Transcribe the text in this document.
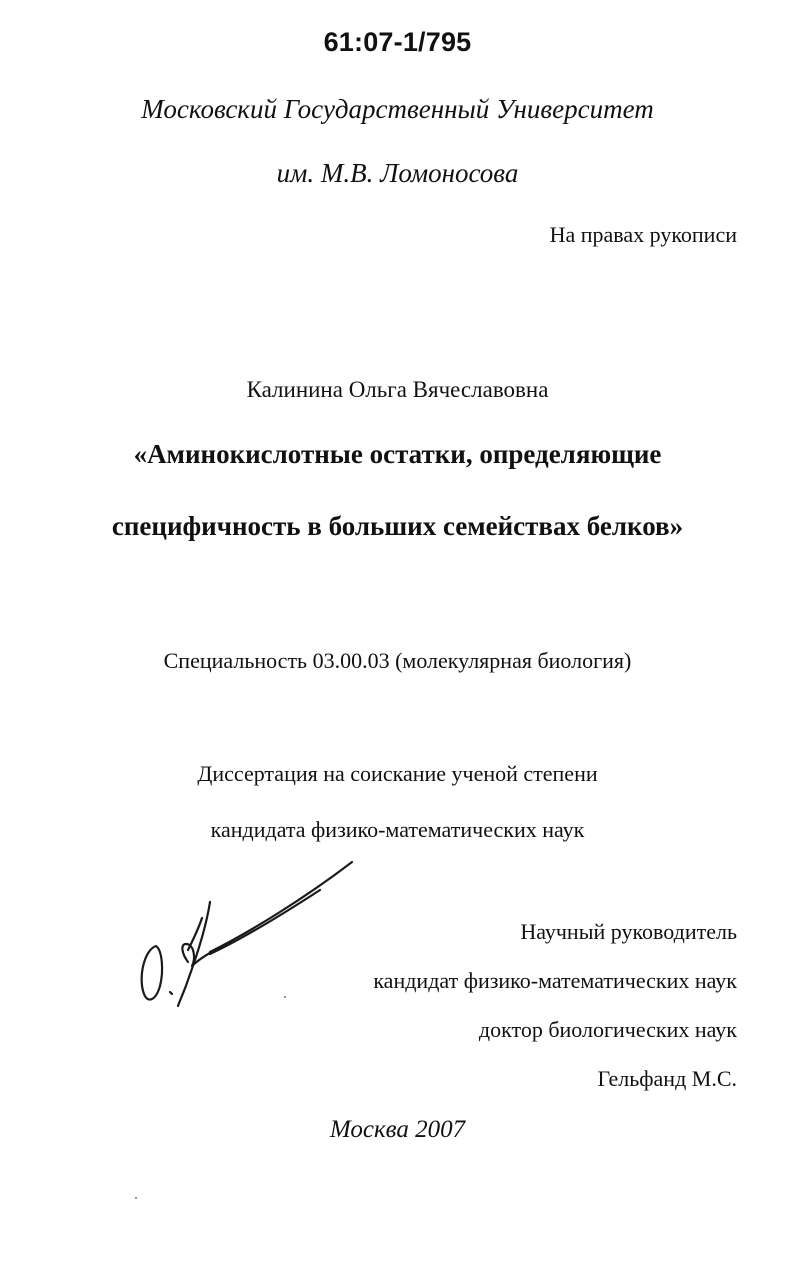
61:07-1/795
Московский Государственный Университет
им. М.В. Ломоносова
На правах рукописи
Калинина Ольга Вячеславовна
«Аминокислотные остатки, определяющие
специфичность в больших семействах белков»
Специальность 03.00.03 (молекулярная биология)
Диссертация на соискание ученой степени
кандидата физико-математических наук
Научный руководитель
кандидат физико-математических наук
доктор биологических наук
Гельфанд М.С.
Москва 2007
